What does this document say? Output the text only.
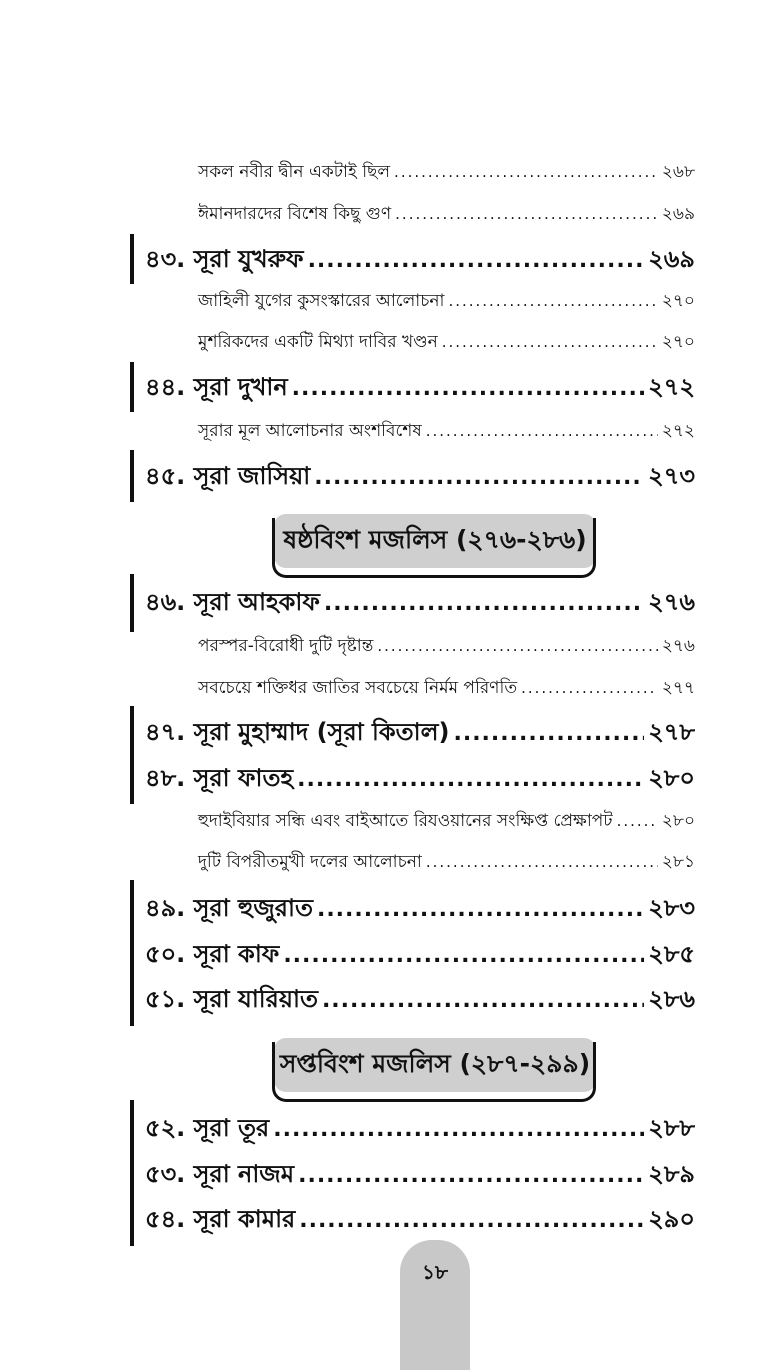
সকল নবীর দ্বীন একটাই ছিল .....	২৬৮
ঈমানদারদের বিশেষ কিছু গুণ .....	২৬৯
৪৩. সূরা যুখরুফ .....	২৬৯
জাহিলী যুগের কুসংস্কারের আলোচনা .....	২৭০
মুশরিকদের একটি মিথ্যা দাবির খণ্ডন .....	২৭০
৪৪. সূরা দুখান .....	২৭২
সূরার মূল আলোচনার অংশবিশেষ .....	২৭২
৪৫. সূরা জাসিয়া .....	২৭৩
ষষ্ঠবিংশ মজলিস (২৭৬-২৮৬)
৪৬. সূরা আহকাফ .....	২৭৬
পরস্পর-বিরোধী দুটি দৃষ্টান্ত .....	২৭৬
সবচেয়ে শক্তিধর জাতির সবচেয়ে নির্মম পরিণতি .....	২৭৭
৪৭. সূরা মুহাম্মাদ (সূরা কিতাল) .....	২৭৮
৪৮. সূরা ফাতহ .....	২৮০
হুদাইবিয়ার সন্ধি এবং বাইআতে রিযওয়ানের সংক্ষিপ্ত প্রেক্ষাপট .....	২৮০
দুটি বিপরীতমুখী দলের আলোচনা .....	২৮১
৪৯. সূরা হুজুরাত .....	২৮৩
৫০. সূরা কাফ .....	২৮৫
৫১. সূরা যারিয়াত .....	২৮৬
সপ্তবিংশ মজলিস (২৮৭-২৯৯)
৫২. সূরা তূর .....	২৮৮
৫৩. সূরা নাজম .....	২৮৯
৫৪. সূরা কামার .....	২৯০
১৮
